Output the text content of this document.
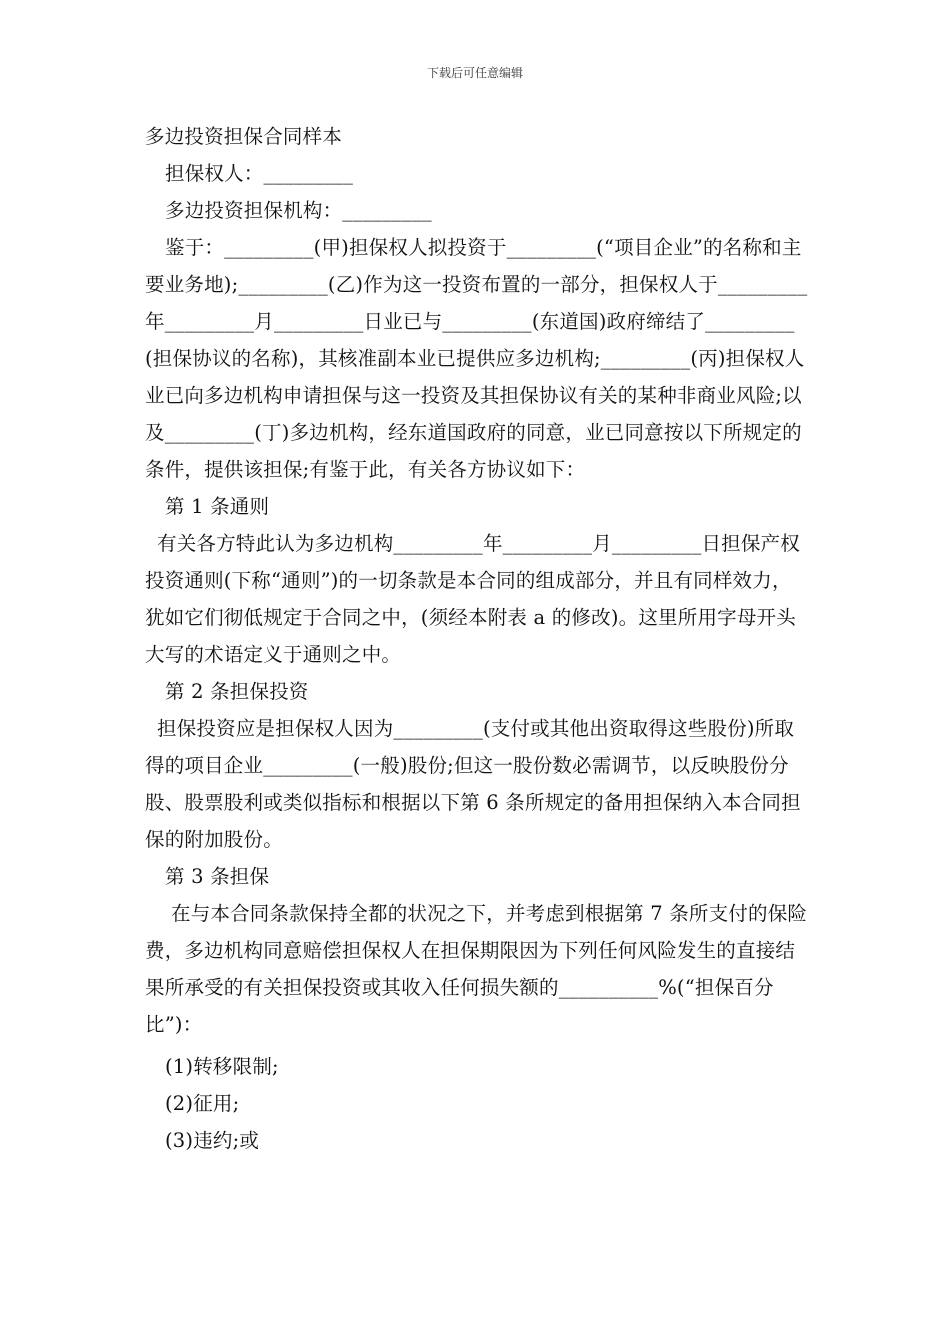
下载后可任意编辑

多边投资担保合同样本

担保权人：_________

多边投资担保机构：_________

鉴于：_________(甲)担保权人拟投资于_________(“项目企业”的名称和主要业务地);_________(乙)作为这一投资布置的一部分，担保权人于_________年_________月_________日业已与_________(东道国)政府缔结了_________(担保协议的名称)，其核准副本业已提供应多边机构;_________(丙)担保权人业已向多边机构申请担保与这一投资及其担保协议有关的某种非商业风险;以及_________(丁)多边机构，经东道国政府的同意，业已同意按以下所规定的条件，提供该担保;有鉴于此，有关各方协议如下：

第 1 条通则

有关各方特此认为多边机构_________年_________月_________日担保产权投资通则(下称“通则”)的一切条款是本合同的组成部分，并且有同样效力，犹如它们彻低规定于合同之中，(须经本附表 a 的修改)。这里所用字母开头大写的术语定义于通则之中。

第 2 条担保投资

担保投资应是担保权人因为_________(支付或其他出资取得这些股份)所取得的项目企业_________(一般)股份;但这一股份数必需调节，以反映股份分股、股票股利或类似指标和根据以下第 6 条所规定的备用担保纳入本合同担保的附加股份。

第 3 条担保

在与本合同条款保持全都的状况之下，并考虑到根据第 7 条所支付的保险费，多边机构同意赔偿担保权人在担保期限因为下列任何风险发生的直接结果所承受的有关担保投资或其收入任何损失额的__________%(“担保百分比”)：

(1)转移限制;

(2)征用;

(3)违约;或
